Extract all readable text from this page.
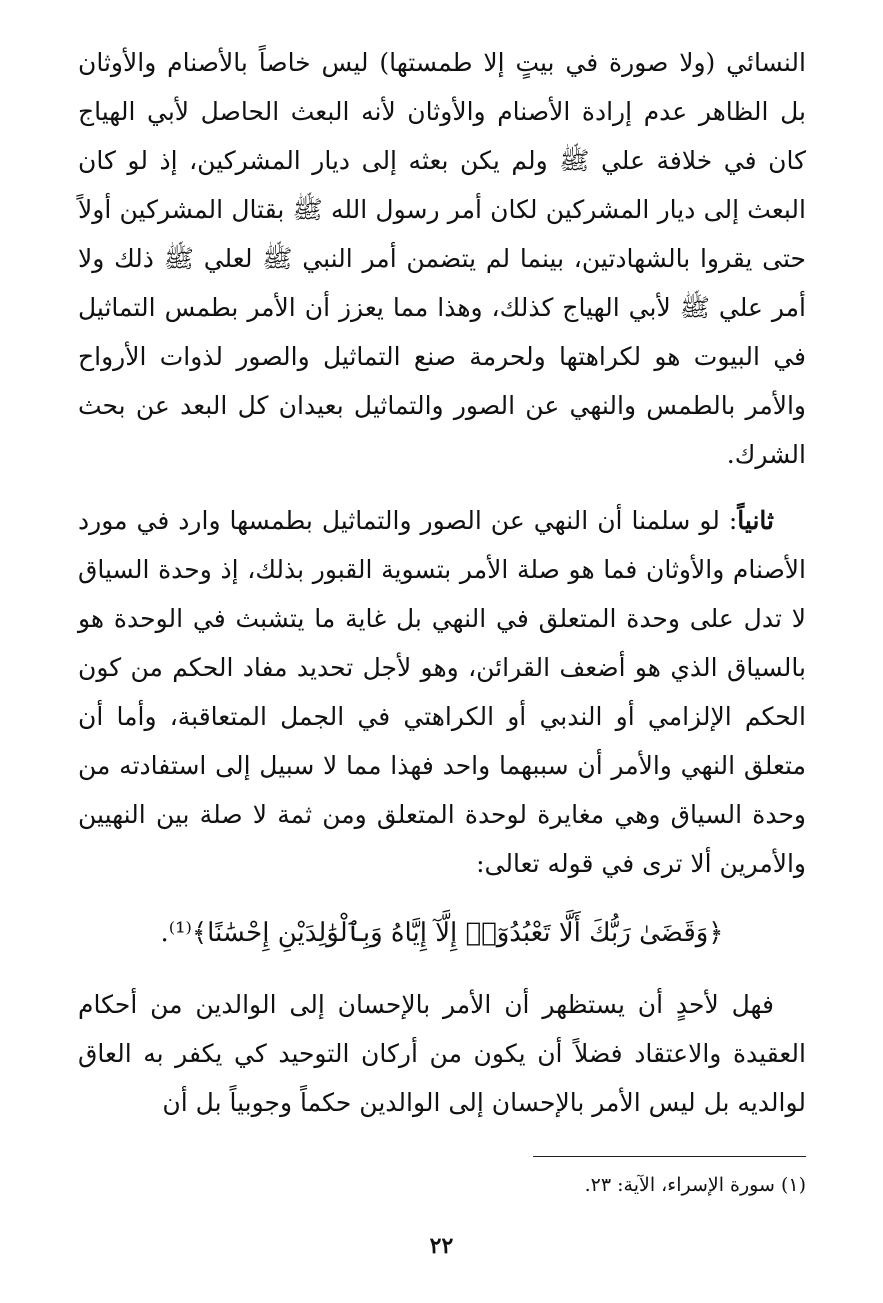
النسائي (ولا صورة في بيتٍ إلا طمستها) ليس خاصاً بالأصنام والأوثان بل الظاهر عدم إرادة الأصنام والأوثان لأنه البعث الحاصل لأبي الهياج كان في خلافة علي ﷺ ولم يكن بعثه إلى ديار المشركين، إذ لو كان البعث إلى ديار المشركين لكان أمر رسول الله ﷺ بقتال المشركين أولاً حتى يقروا بالشهادتين، بينما لم يتضمن أمر النبي ﷺ لعلي ﷺ ذلك ولا أمر علي ﷺ لأبي الهياج كذلك، وهذا مما يعزز أن الأمر بطمس التماثيل في البيوت هو لكراهتها ولحرمة صنع التماثيل والصور لذوات الأرواح والأمر بالطمس والنهي عن الصور والتماثيل بعيدان كل البعد عن بحث الشرك.

ثانياً: لو سلمنا أن النهي عن الصور والتماثيل بطمسها وارد في مورد الأصنام والأوثان فما هو صلة الأمر بتسوية القبور بذلك، إذ وحدة السياق لا تدل على وحدة المتعلق في النهي بل غاية ما يتشبث في الوحدة هو بالسياق الذي هو أضعف القرائن، وهو لأجل تحديد مفاد الحكم من كون الحكم الإلزامي أو الندبي أو الكراهتي في الجمل المتعاقبة، وأما أن متعلق النهي والأمر أن سببهما واحد فهذا مما لا سبيل إلى استفادته من وحدة السياق وهي مغايرة لوحدة المتعلق ومن ثمة لا صلة بين النهيين والأمرين ألا ترى في قوله تعالى:

﴿وَقَضَىٰ رَبُّكَ أَلَّا تَعْبُدُوٓا۟ إِلَّآ إِيَّاهُ وَبِٱلْوَٰلِدَيْنِ إِحْسَٰنًا﴾⁽¹⁾.

فهل لأحدٍ أن يستظهر أن الأمر بالإحسان إلى الوالدين من أحكام العقيدة والاعتقاد فضلاً أن يكون من أركان التوحيد كي يكفر به العاق لوالديه بل ليس الأمر بالإحسان إلى الوالدين حكماً وجوبياً بل أن

(١) سورة الإسراء، الآية: ٢٣.
٢٢
